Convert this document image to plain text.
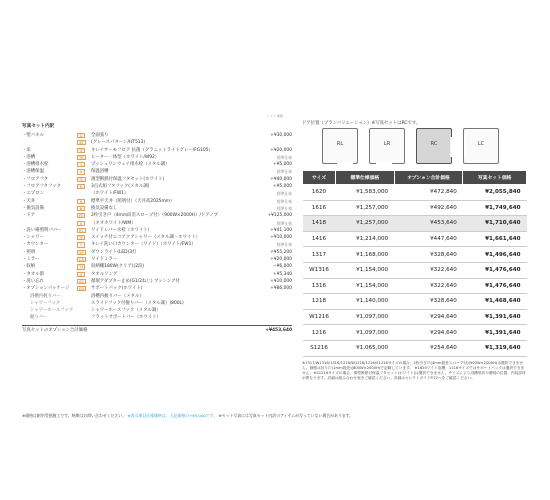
レイア 事例
写真セット内訳
・壁パネル	G	全面張り	+¥30,000
XE	(グレースパターン/HT513)
・床	TF	キレイサーモフロア 抗菌（グラニットライトグレー/FG105）	+¥20,000
・浴槽	TR	ヒーター一体型（ホワイト/W92）	標準仕様
・浴槽排水栓	1	プッシュワンウェイ排水栓（メタル調）	+¥5,000
・浴槽保温	A	保温浴槽	標準仕様
・フロアフタ	TC	薄型断熱付保温フタセット(ホワイト)	+¥40,000
・フロアフタフック	K	3点式組フタフック(メタル調)	+¥5,000
・エプロン	（ホワイト/FW1）	標準仕様
・天井	H	標準平天井（照明付）（天井高2025mm）	標準仕様
・換気設備	N	換気設備なし	標準仕様
・ドア	FE	2枚引き戸（4mm段差スロープ付）（900W×2000H）/ドアノブ	+¥125,000
II	（ネオホワイト/WM）	標準仕様
・洗い場照明パバー	R1	ワイドレバー水栓（ホワイト）	+¥41,100
・シャワー	TF	スイッチ付エコアクアシャワー（メタル調・ホワイト）	+¥10,000
・カウンター	T	キレイ洗い口カウンター（ワイド）（ホワイト/FW1）	標準仕様
・照明	AP	ダウンライト(LED)3灯	+¥55,200
・ミラー	CA	ワイドミラー	+¥20,000
・収納	Y4	収納棚180W(クリア)(2段)	−¥6,000
・タオル掛	G	タオルリング	+¥5,340
・洗い忘れ	AS	循環アダプター止め(G1/2ねじ) ブッシング付	+¥10,000
・オプションパッケージ	D3	サポートパック(ホワイト)	+¥86,000
浴槽内握りバー	浴槽内握りバー（メタル）
シャワーフック	スライドフック付握りバー（メタル調）(800L)
シャワーホースフック	シャワーホースフック（メタル調）
握りバー	フラットサポートバー（ホワイト）
写真セットのオプション合計価格	+¥453,640
※価格は耐用受割施工です。納期はお問い合わせください。 ※表示項目仕様価格は、上記価格の+¥5,000です。 ※セット写真には写真セット内訳のアイテムが写っていない場合があります。
ドア位置（プランバリエーション）※写真セットはRCです。
RL	LR	RC	LC
サイズ	標準仕様価格	オプション合計価格	写真セット価格
1620	¥1,583,000	¥472,840	¥2,055,840
1616	¥1,257,000	¥492,640	¥1,749,640
1418	¥1,257,000	¥453,640	¥1,710,640
1416	¥1,214,000	¥447,640	¥1,661,640
1317	¥1,168,000	¥328,640	¥1,496,640
W1316	¥1,154,000	¥322,640	¥1,476,640
1316	¥1,154,000	¥322,640	¥1,476,640
1218	¥1,140,000	¥328,640	¥1,468,640
W1216	¥1,097,000	¥294,640	¥1,391,640
1216	¥1,097,000	¥294,640	¥1,391,640
S1216	¥1,065,000	¥254,640	¥1,319,640
※1317/W1316/1316/1218/W1216/1216/S1216サイズの場合、2枚引き戸(4mm段差スロープ付)(900W×2000H)は選択できません。価格は折り戸(1mm段差)(800W×2000H)で記載しています。 ※1620ワイド浴槽、1116サイズではサポートパックは選択できません。※S1216サイズの場合、薄型断熱付保温フタセット(ホワイト)は選択できません。サイズにより浴槽形状や照明の位置、内装部材が異なります。詳細は組み合わせ表をご確認ください。詳細はセレクトガイドP.72〜をご確認ください。
